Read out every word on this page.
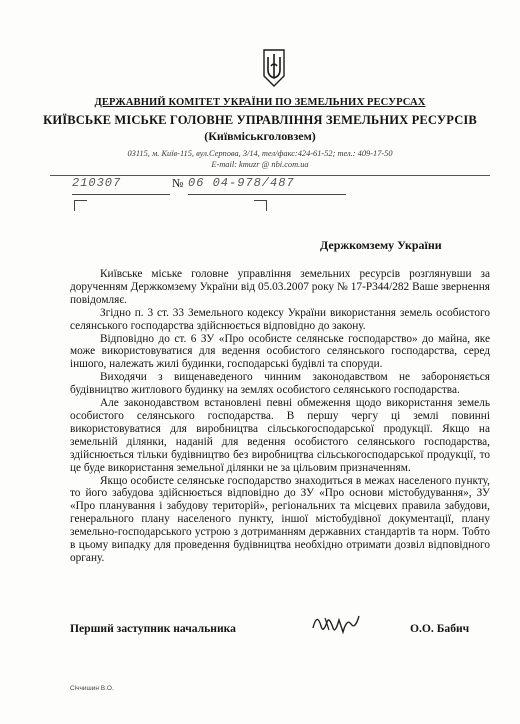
ДЕРЖАВНИЙ КОМІТЕТ УКРАЇНИ ПО ЗЕМЕЛЬНИХ РЕСУРСАХ
КИЇВСЬКЕ МІСЬКЕ ГОЛОВНЕ УПРАВЛІННЯ ЗЕМЕЛЬНИХ РЕСУРСІВ
(Київміськголовзем)
03115, м. Київ-115, вул.Серпова, 3/14, тел/факс:424-61-52; тел.: 409-17-50
E-mail: kmuzr @ nbi.com.ua
210307	№ 06 04-978/487
Держкомзему України

Київське міське головне управління земельних ресурсів розглянувши за дорученням Держкомзему України від 05.03.2007 року № 17-Р344/282 Ваше звернення повідомляє.

Згідно п. 3 ст. 33 Земельного кодексу України використання земель особистого селянського господарства здійснюється відповідно до закону.

Відповідно до ст. 6 ЗУ «Про особисте селянське господарство» до майна, яке може використовуватися для ведення особистого селянського господарства, серед іншого, належать жилі будинки, господарські будівлі та споруди.

Виходячи з вищенаведеного чинним законодавством не забороняється будівництво житлового будинку на землях особистого селянського господарства.

Але законодавством встановлені певні обмеження щодо використання земель особистого селянського господарства. В першу чергу ці землі повинні використовуватися для виробництва сільськогосподарської продукції. Якщо на земельній ділянки, наданій для ведення особистого селянського господарства, здійснюється тільки будівництво без виробництва сільськогосподарської продукції, то це буде використання земельної ділянки не за цільовим призначенням.

Якщо особисте селянське господарство знаходиться в межах населеного пункту, то його забудова здійснюється відповідно до ЗУ «Про основи містобудування», ЗУ «Про планування і забудову територій», регіональних та місцевих правила забудови, генерального плану населеного пункту, іншої містобудівної документації, плану земельно-господарського устрою з дотриманням державних стандартів та норм. Тобто в цьому випадку для проведення будівництва необхідно отримати дозвіл відповідного органу.

Перший заступник начальника	О.О. Бабич
Січчишин В.О.
